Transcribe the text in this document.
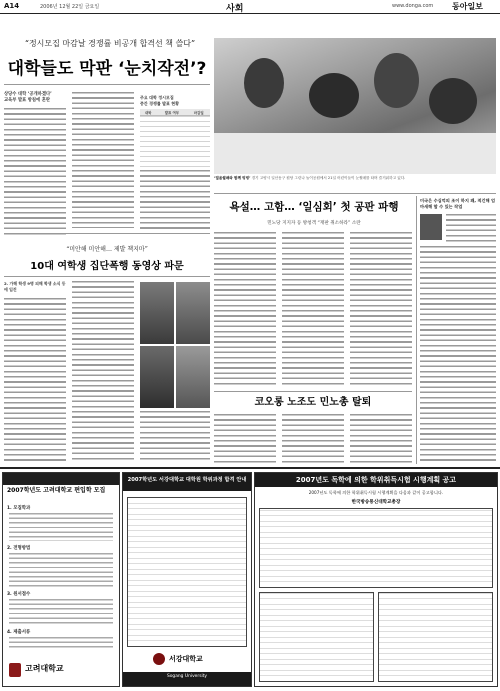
A14	2006년 12월 22일 금요일	사회	www.donga.com 동아일보
“정시모집 마감날 경쟁률 비공개 합격선 책 쓸다”
대학들도 막판 ‘눈치작전’?
상당수 대학 ‘공개하겠다’
교육부 발표 방침에 혼란
주요 대학 정시모집
중간 경쟁률 발표 현황
대학	발표 여부	마감일
‘얼음썰매와 함께 빙빙’ 경기 고양시 일산동구 원당 그린나 놀이공원에서 21일 어린이들이 눈썰매를 타며 즐거워하고 있다.
욕설… 고함… ‘일심회’ 첫 공판 파행
민노당 지지자 등 방청객 “재판 취소하라” 소란
미국은 수십억의 조이 하지 왜, 적긴해 엄마새해 할 수 있는 작업
“미안해 미안해… 제발 책지마”
10대 여학생 집단폭행 동영상 파문
2. 가해 학생 9명 피해 학생 소식 등에 입건
코오롱 노조도 민노총 탈퇴
2007학년도 고려대학교 편입학 모집
1. 모집학과
2. 전형방법
3. 원서접수
4. 제출서류
고려대학교
2007학년도 서강대학교 대학원 학위과정 합격 안내
서강대학교
Sogang University
2007년도 독학에 의한 학위취득시험 시행계획 공고
2007년도 독학에 의한 학위취득시험 시행계획을 다음과 같이 공고합니다.
한국방송통신대학교총장
